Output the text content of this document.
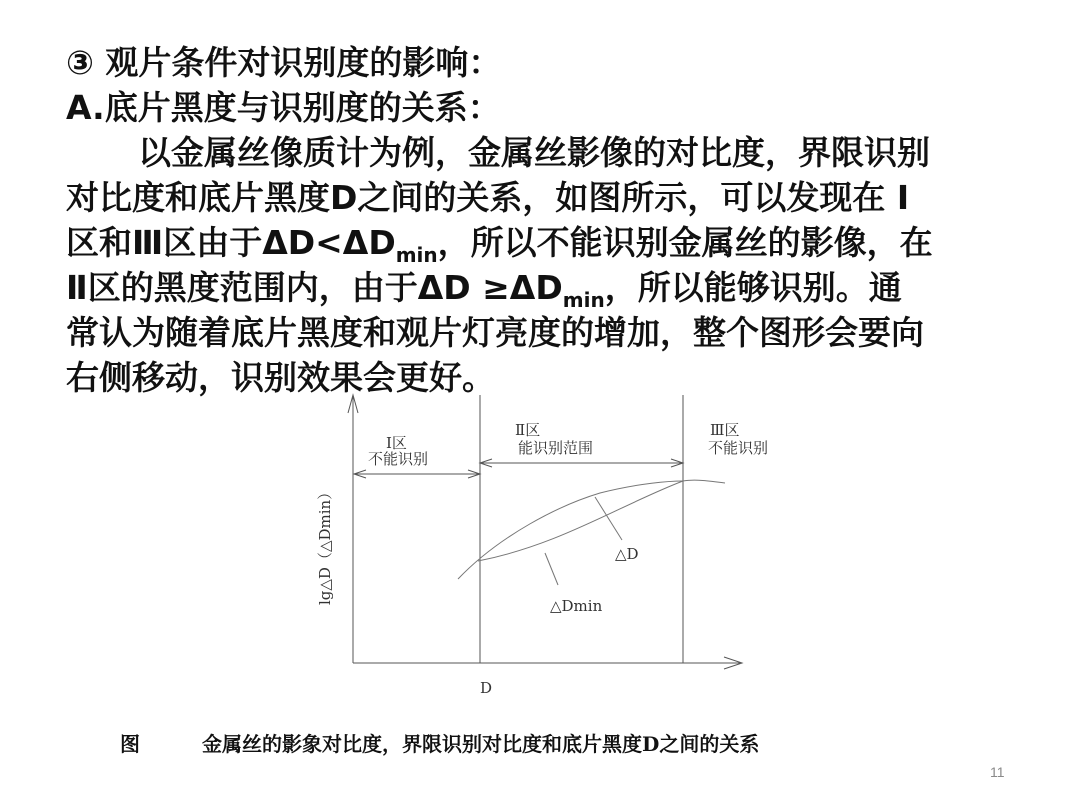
③ 观片条件对识别度的影响：
A.底片黑度与识别度的关系：
以金属丝像质计为例，金属丝影像的对比度，界限识别
对比度和底片黑度D之间的关系，如图所示，可以发现在 Ⅰ
区和Ⅲ区由于$\Delta D<\Delta D_{min}$，所以不能识别金属丝的影像，在
Ⅱ区的黑度范围内，由于$\Delta D \ge\Delta D_{min}$，所以能够识别。通
常认为随着底片黑度和观片灯亮度的增加，整个图形会要向
右侧移动，识别效果会更好。
Ⅰ区
不能识别
Ⅱ区
能识别范围
Ⅲ区
不能识别
△D
△Dmin
lg△D（△Dmin）
D
图	金属丝的影象对比度，界限识别对比度和底片黑度D之间的关系
11
